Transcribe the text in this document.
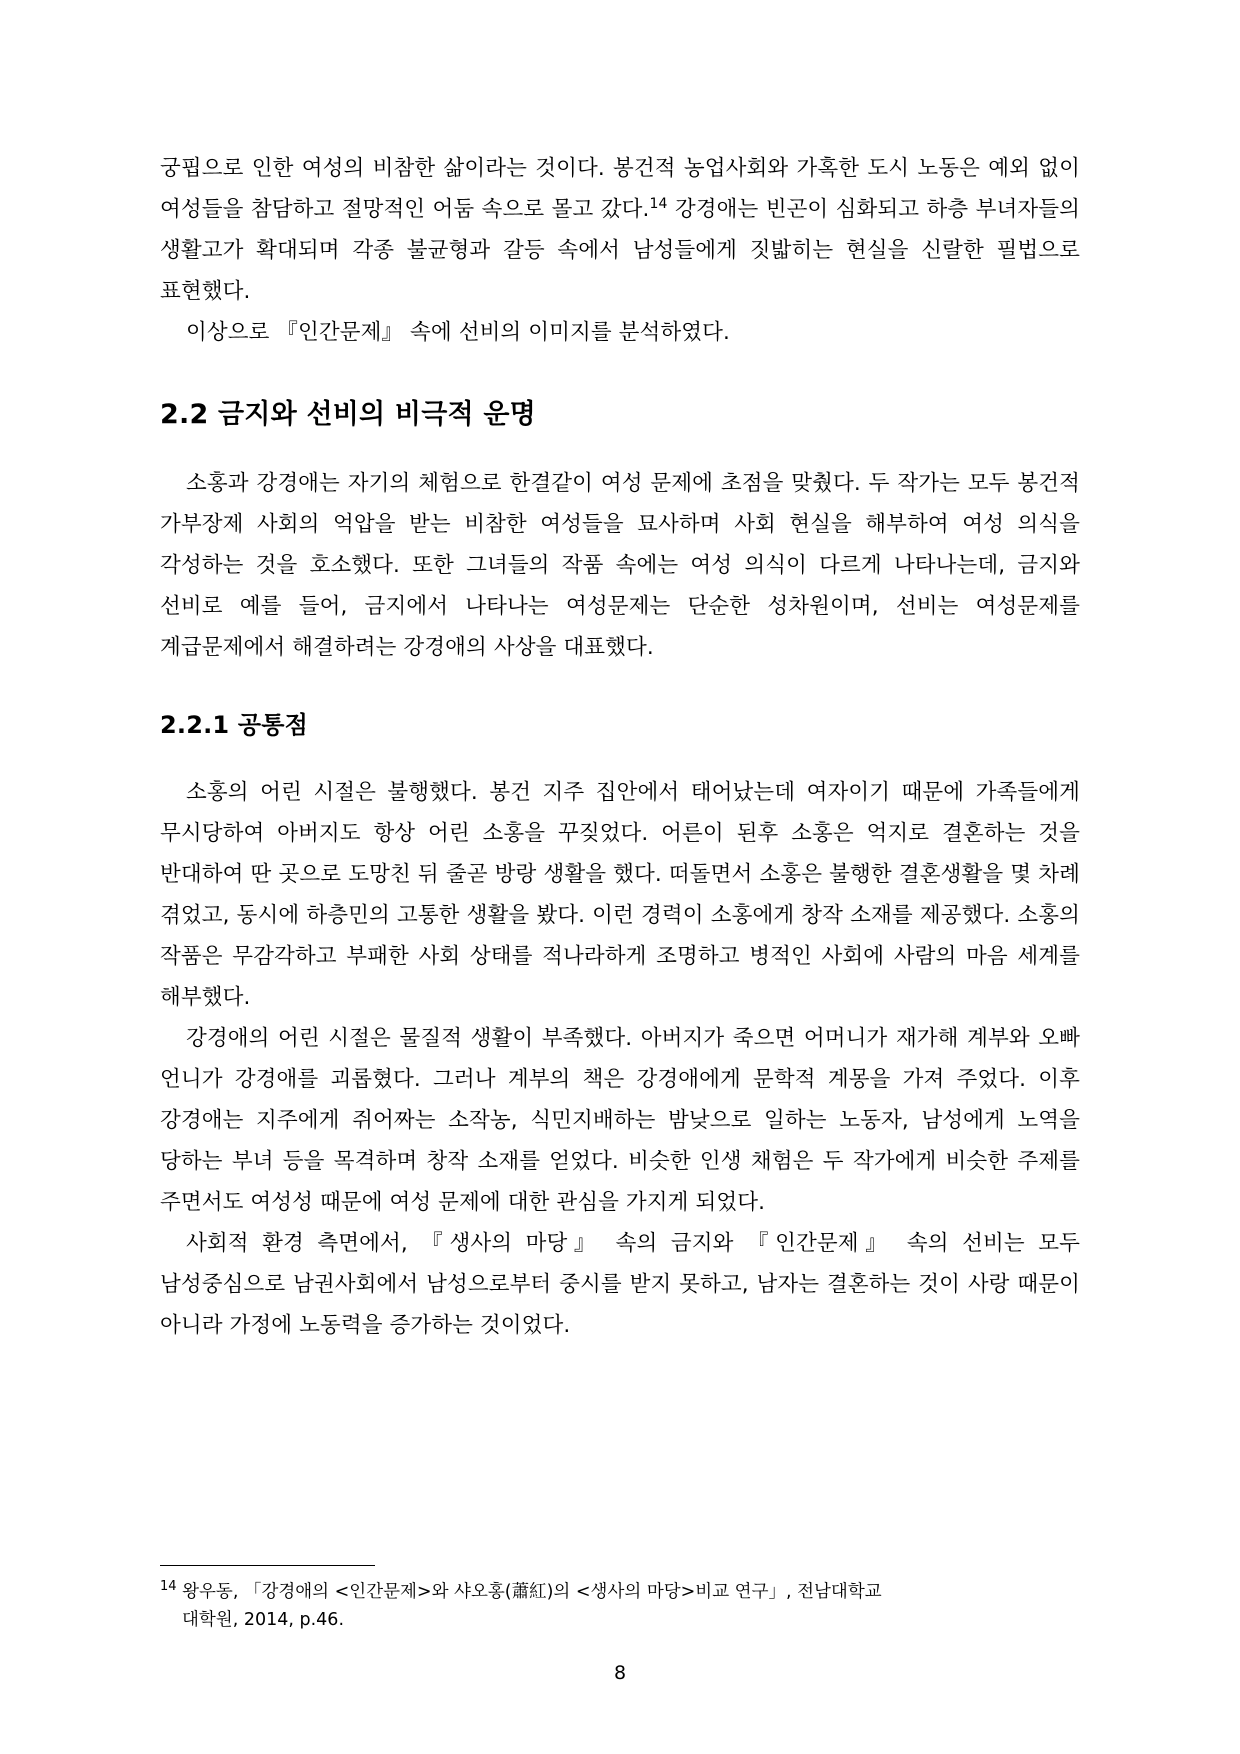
궁핍으로 인한 여성의 비참한 삶이라는 것이다. 봉건적 농업사회와 가혹한 도시 노동은 예외 없이 여성들을 참담하고 절망적인 어둠 속으로 몰고 갔다.$^{14}$ 강경애는 빈곤이 심화되고 하층 부녀자들의 생활고가 확대되며 각종 불균형과 갈등 속에서 남성들에게 짓밟히는 현실을 신랄한 필법으로 표현했다.

이상으로 『인간문제』 속에 선비의 이미지를 분석하였다.

2.2 금지와 선비의 비극적 운명

소홍과 강경애는 자기의 체험으로 한결같이 여성 문제에 초점을 맞췄다. 두 작가는 모두 봉건적 가부장제 사회의 억압을 받는 비참한 여성들을 묘사하며 사회 현실을 해부하여 여성 의식을 각성하는 것을 호소했다. 또한 그녀들의 작품 속에는 여성 의식이 다르게 나타나는데, 금지와 선비로 예를 들어, 금지에서 나타나는 여성문제는 단순한 성차원이며, 선비는 여성문제를 계급문제에서 해결하려는 강경애의 사상을 대표했다.

2.2.1 공통점

소홍의 어린 시절은 불행했다. 봉건 지주 집안에서 태어났는데 여자이기 때문에 가족들에게 무시당하여 아버지도 항상 어린 소홍을 꾸짖었다. 어른이 된후 소홍은 억지로 결혼하는 것을 반대하여 딴 곳으로 도망친 뒤 줄곧 방랑 생활을 했다. 떠돌면서 소홍은 불행한 결혼생활을 몇 차례 겪었고, 동시에 하층민의 고통한 생활을 봤다. 이런 경력이 소홍에게 창작 소재를 제공했다. 소홍의 작품은 무감각하고 부패한 사회 상태를 적나라하게 조명하고 병적인 사회에 사람의 마음 세계를 해부했다.

강경애의 어린 시절은 물질적 생활이 부족했다. 아버지가 죽으면 어머니가 재가해 계부와 오빠 언니가 강경애를 괴롭혔다. 그러나 계부의 책은 강경애에게 문학적 계몽을 가져 주었다. 이후 강경애는 지주에게 쥐어짜는 소작농, 식민지배하는 밤낮으로 일하는 노동자, 남성에게 노역을 당하는 부녀 등을 목격하며 창작 소재를 얻었다. 비슷한 인생 채험은 두 작가에게 비슷한 주제를 주면서도 여성성 때문에 여성 문제에 대한 관심을 가지게 되었다.

사회적 환경 측면에서, 『생사의 마당』 속의 금지와 『인간문제』 속의 선비는 모두 남성중심으로 남권사회에서 남성으로부터 중시를 받지 못하고, 남자는 결혼하는 것이 사랑 때문이 아니라 가정에 노동력을 증가하는 것이었다.

$^{14}$ 왕우동, 「강경애의 <인간문제>와 샤오홍(蕭紅)의 <생사의 마당>비교 연구」, 전남대학교
대학원, 2014, p.46.
8
